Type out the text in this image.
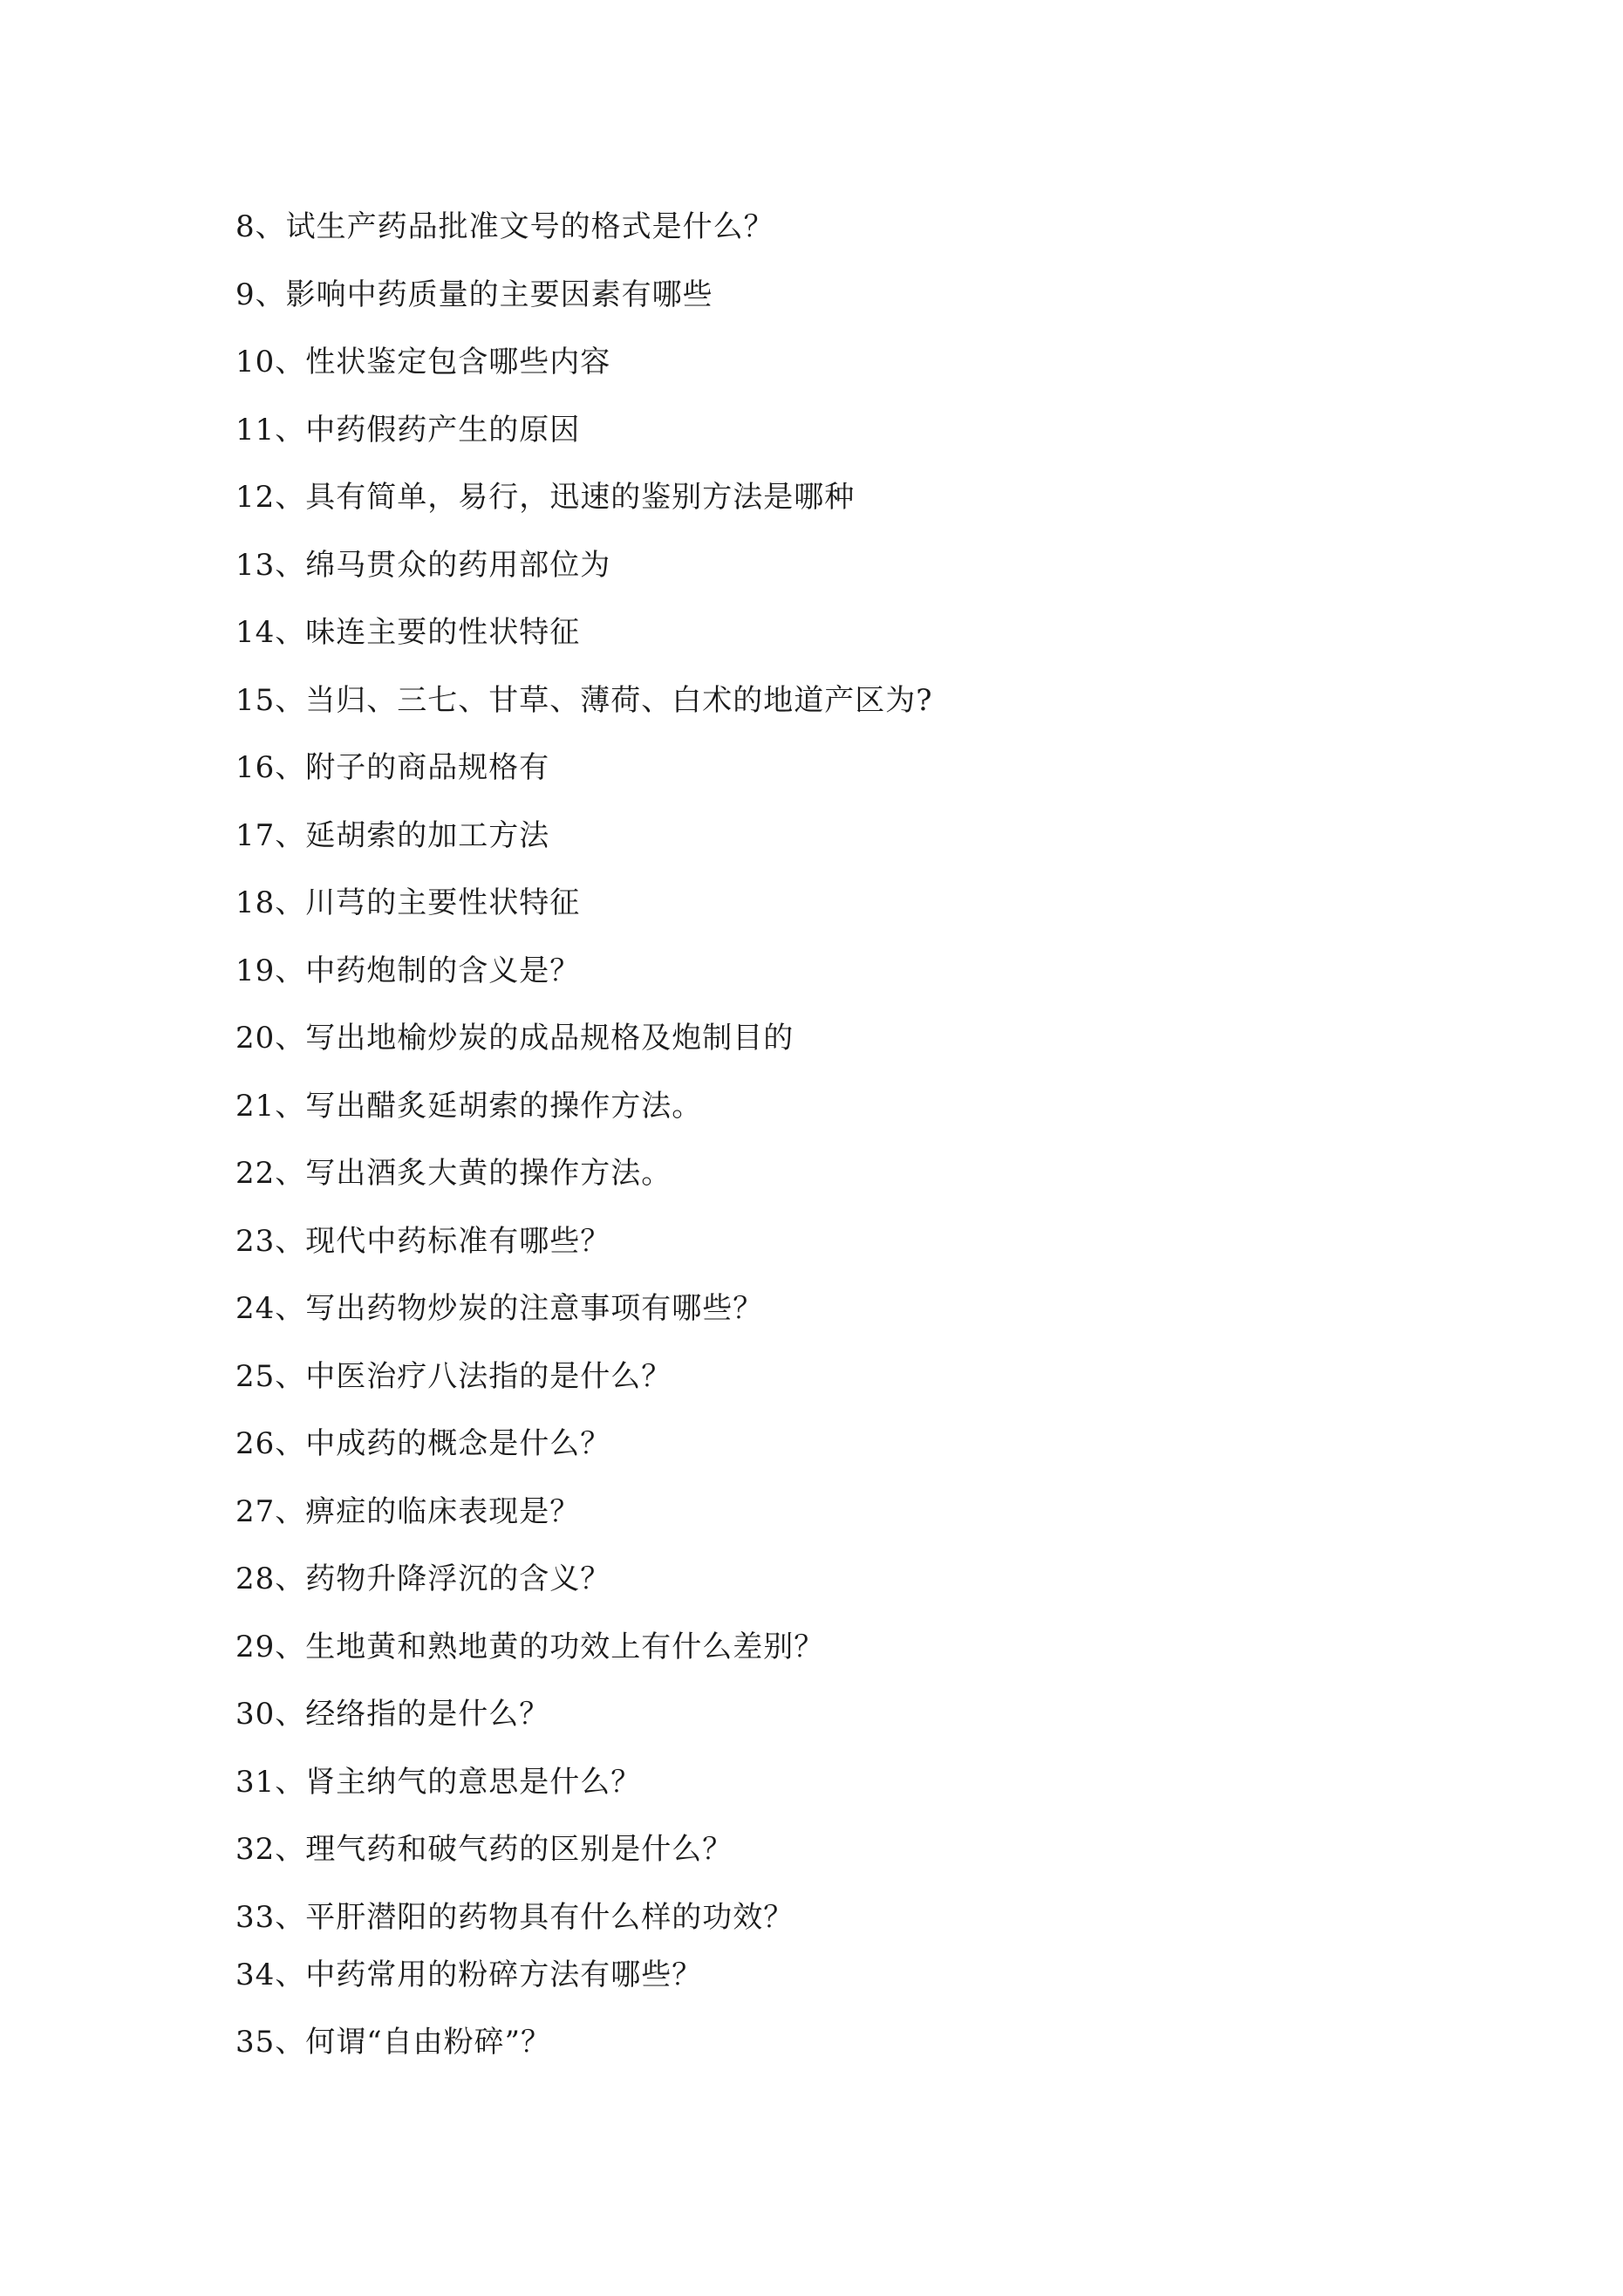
8、试生产药品批准文号的格式是什么？
9、影响中药质量的主要因素有哪些
10、性状鉴定包含哪些内容
11、中药假药产生的原因
12、具有简单，易行，迅速的鉴别方法是哪种
13、绵马贯众的药用部位为
14、味连主要的性状特征
15、当归、三七、甘草、薄荷、白术的地道产区为?
16、附子的商品规格有
17、延胡索的加工方法
18、川芎的主要性状特征
19、中药炮制的含义是？
20、写出地榆炒炭的成品规格及炮制目的
21、写出醋炙延胡索的操作方法。
22、写出酒炙大黄的操作方法。
23、现代中药标准有哪些？
24、写出药物炒炭的注意事项有哪些？
25、中医治疗八法指的是什么？
26、中成药的概念是什么？
27、痹症的临床表现是？
28、药物升降浮沉的含义？
29、生地黄和熟地黄的功效上有什么差别？
30、经络指的是什么？
31、肾主纳气的意思是什么？
32、理气药和破气药的区别是什么？
33、平肝潜阳的药物具有什么样的功效？
34、中药常用的粉碎方法有哪些？
35、何谓“自由粉碎”？
